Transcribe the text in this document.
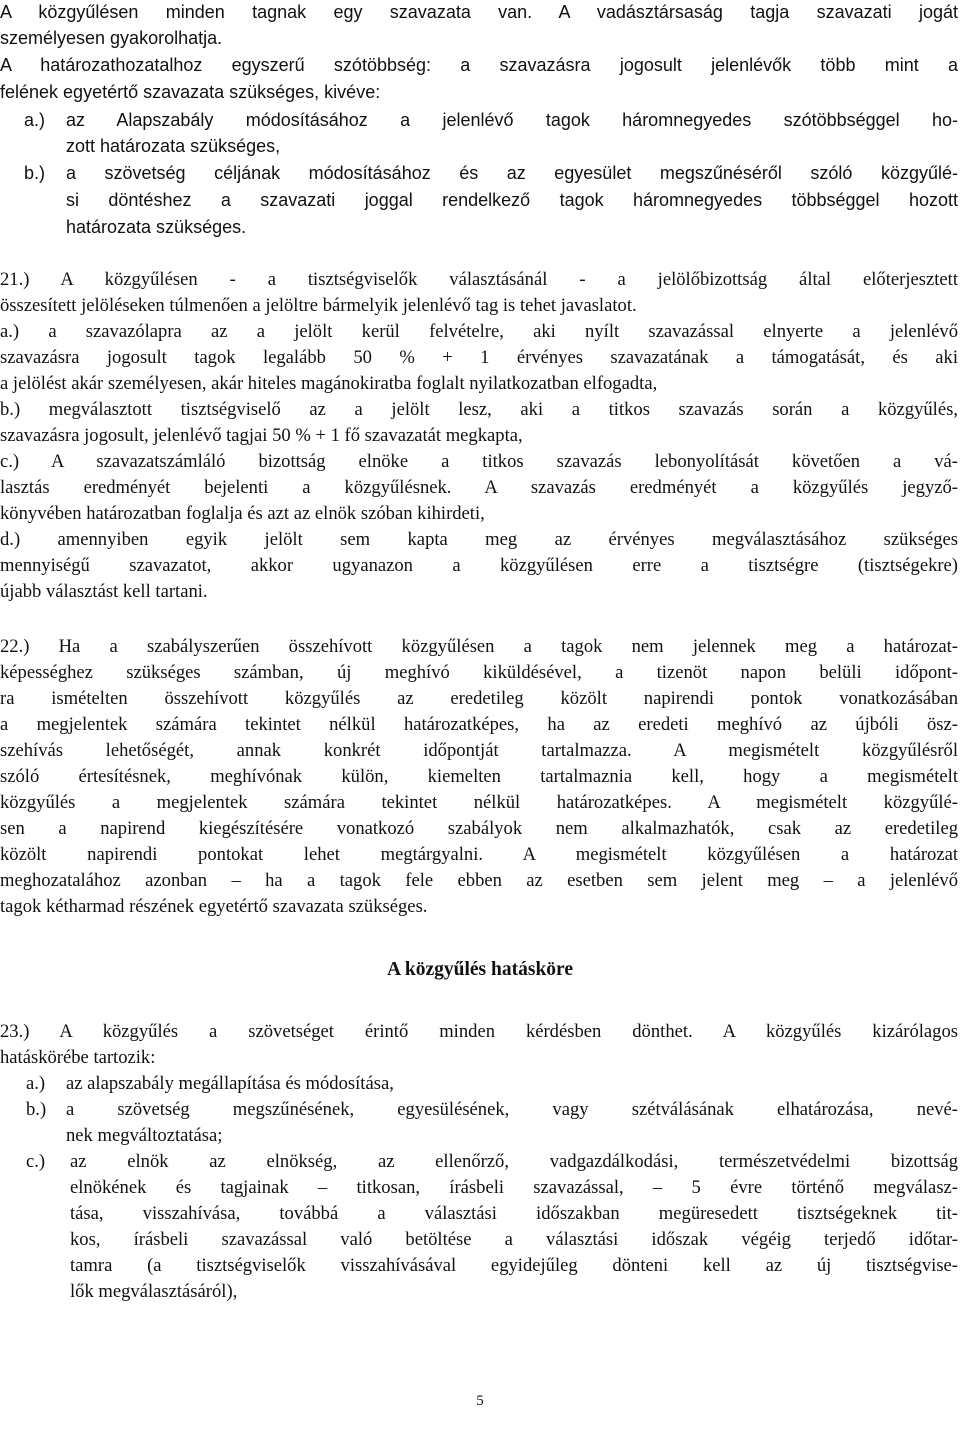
A közgyűlésen minden tagnak egy szavazata van. A vadásztársaság tagja szavazati jogát
személyesen gyakorolhatja.
A határozathozatalhoz egyszerű szótöbbség: a szavazásra jogosult jelenlévők több mint a
felének egyetértő szavazata szükséges, kivéve:
a.) az Alapszabály módosításához a jelenlévő tagok háromnegyedes szótöbbséggel ho-
zott határozata szükséges,
b.) a szövetség céljának módosításához és az egyesület megszűnéséről szóló közgyűlé-
si döntéshez a szavazati joggal rendelkező tagok háromnegyedes többséggel hozott
határozata szükséges.
21.) A közgyűlésen - a tisztségviselők választásánál - a jelölőbizottság által előterjesztett
összesített jelöléseken túlmenően a jelöltre bármelyik jelenlévő tag is tehet javaslatot.
a.) a szavazólapra az a jelölt kerül felvételre, aki nyílt szavazással elnyerte a jelenlévő
szavazásra jogosult tagok legalább 50 % + 1 érvényes szavazatának a támogatását, és aki
a jelölést akár személyesen, akár hiteles magánokiratba foglalt nyilatkozatban elfogadta,
b.) megválasztott tisztségviselő az a jelölt lesz, aki a titkos szavazás során a közgyűlés,
szavazásra jogosult, jelenlévő tagjai 50 % + 1 fő szavazatát megkapta,
c.) A szavazatszámláló bizottság elnöke a titkos szavazás lebonyolítását követően a vá-
lasztás eredményét bejelenti a közgyűlésnek. A szavazás eredményét a közgyűlés jegyző-
könyvében határozatban foglalja és azt az elnök szóban kihirdeti,
d.) amennyiben egyik jelölt sem kapta meg az érvényes megválasztásához szükséges
mennyiségű szavazatot, akkor ugyanazon a közgyűlésen erre a tisztségre (tisztségekre)
újabb választást kell tartani.
22.) Ha a szabályszerűen összehívott közgyűlésen a tagok nem jelennek meg a határozat-
képességhez szükséges számban, új meghívó kiküldésével, a tizenöt napon belüli időpont-
ra ismételten összehívott közgyűlés az eredetileg közölt napirendi pontok vonatkozásában
a megjelentek számára tekintet nélkül határozatképes, ha az eredeti meghívó az újbóli ösz-
szehívás lehetőségét, annak konkrét időpontját tartalmazza. A megismételt közgyűlésről
szóló értesítésnek, meghívónak külön, kiemelten tartalmaznia kell, hogy a megismételt
közgyűlés a megjelentek számára tekintet nélkül határozatképes. A megismételt közgyűlé-
sen a napirend kiegészítésére vonatkozó szabályok nem alkalmazhatók, csak az eredetileg
közölt napirendi pontokat lehet megtárgyalni. A megismételt közgyűlésen a határozat
meghozatalához azonban – ha a tagok fele ebben az esetben sem jelent meg – a jelenlévő
tagok kétharmad részének egyetértő szavazata szükséges.
A közgyűlés hatásköre
23.) A közgyűlés a szövetséget érintő minden kérdésben dönthet. A közgyűlés kizárólagos
hatáskörébe tartozik:
a.) az alapszabály megállapítása és módosítása,
b.) a szövetség megszűnésének, egyesülésének, vagy szétválásának elhatározása, nevé-
nek megváltoztatása;
c.) az elnök az elnökség, az ellenőrző, vadgazdálkodási, természetvédelmi bizottság
elnökének és tagjainak – titkosan, írásbeli szavazással, – 5 évre történő megválasz-
tása, visszahívása, továbbá a választási időszakban megüresedett tisztségeknek tit-
kos, írásbeli szavazással való betöltése a választási időszak végéig terjedő időtar-
tamra (a tisztségviselők visszahívásával egyidejűleg dönteni kell az új tisztségvise-
lők megválasztásáról),
5
